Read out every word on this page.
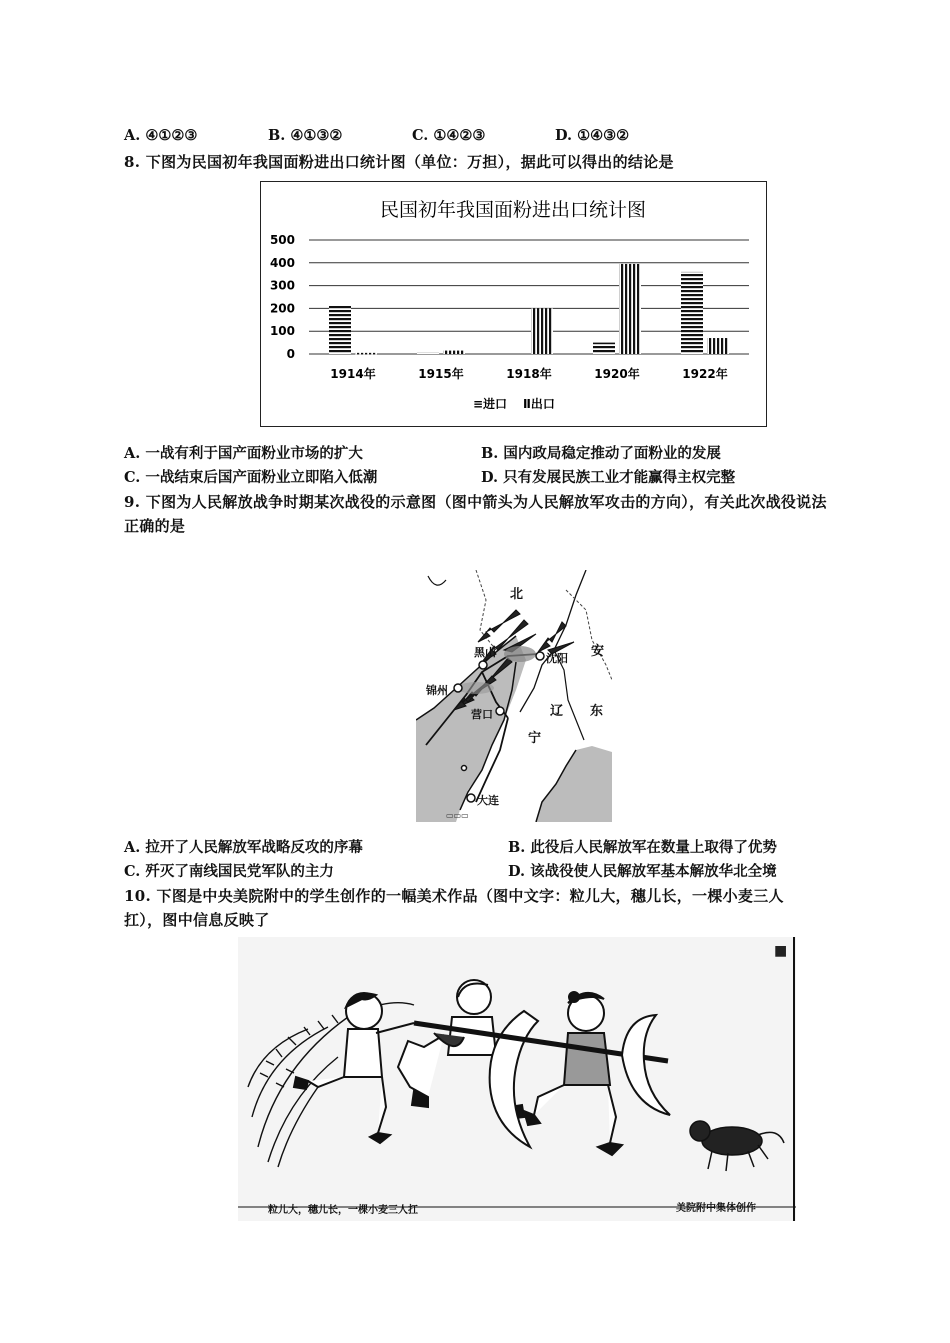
A. ④①②③	B. ④①③②	C. ①④②③	D. ①④③②
8. 下图为民国初年我国面粉进出口统计图（单位：万担），据此可以得出的结论是
民国初年我国面粉进出口统计图
0
100
200
300
400
500
1914年	1915年	1918年	1920年	1922年
≡进口 Ⅱ出口
A. 一战有利于国产面粉业市场的扩大	B. 国内政局稳定推动了面粉业的发展
C. 一战结束后国产面粉业立即陷入低潮	D. 只有发展民族工业才能赢得主权完整
9. 下图为人民解放战争时期某次战役的示意图（图中箭头为人民解放军攻击的方向），有关此次战役说法
正确的是
▭▭▭
北
安
东
辽
宁
黑山	沈阳
锦州
营口
大连
A. 拉开了人民解放军战略反攻的序幕	B. 此役后人民解放军在数量上取得了优势
C. 歼灭了南线国民党军队的主力	D. 该战役使人民解放军基本解放华北全境
10. 下图是中央美院附中的学生创作的一幅美术作品（图中文字：粒儿大，穗儿长，一棵小麦三人
扛），图中信息反映了
■
粒儿大，穗儿长，一棵小麦三人扛	美院附中集体创作
